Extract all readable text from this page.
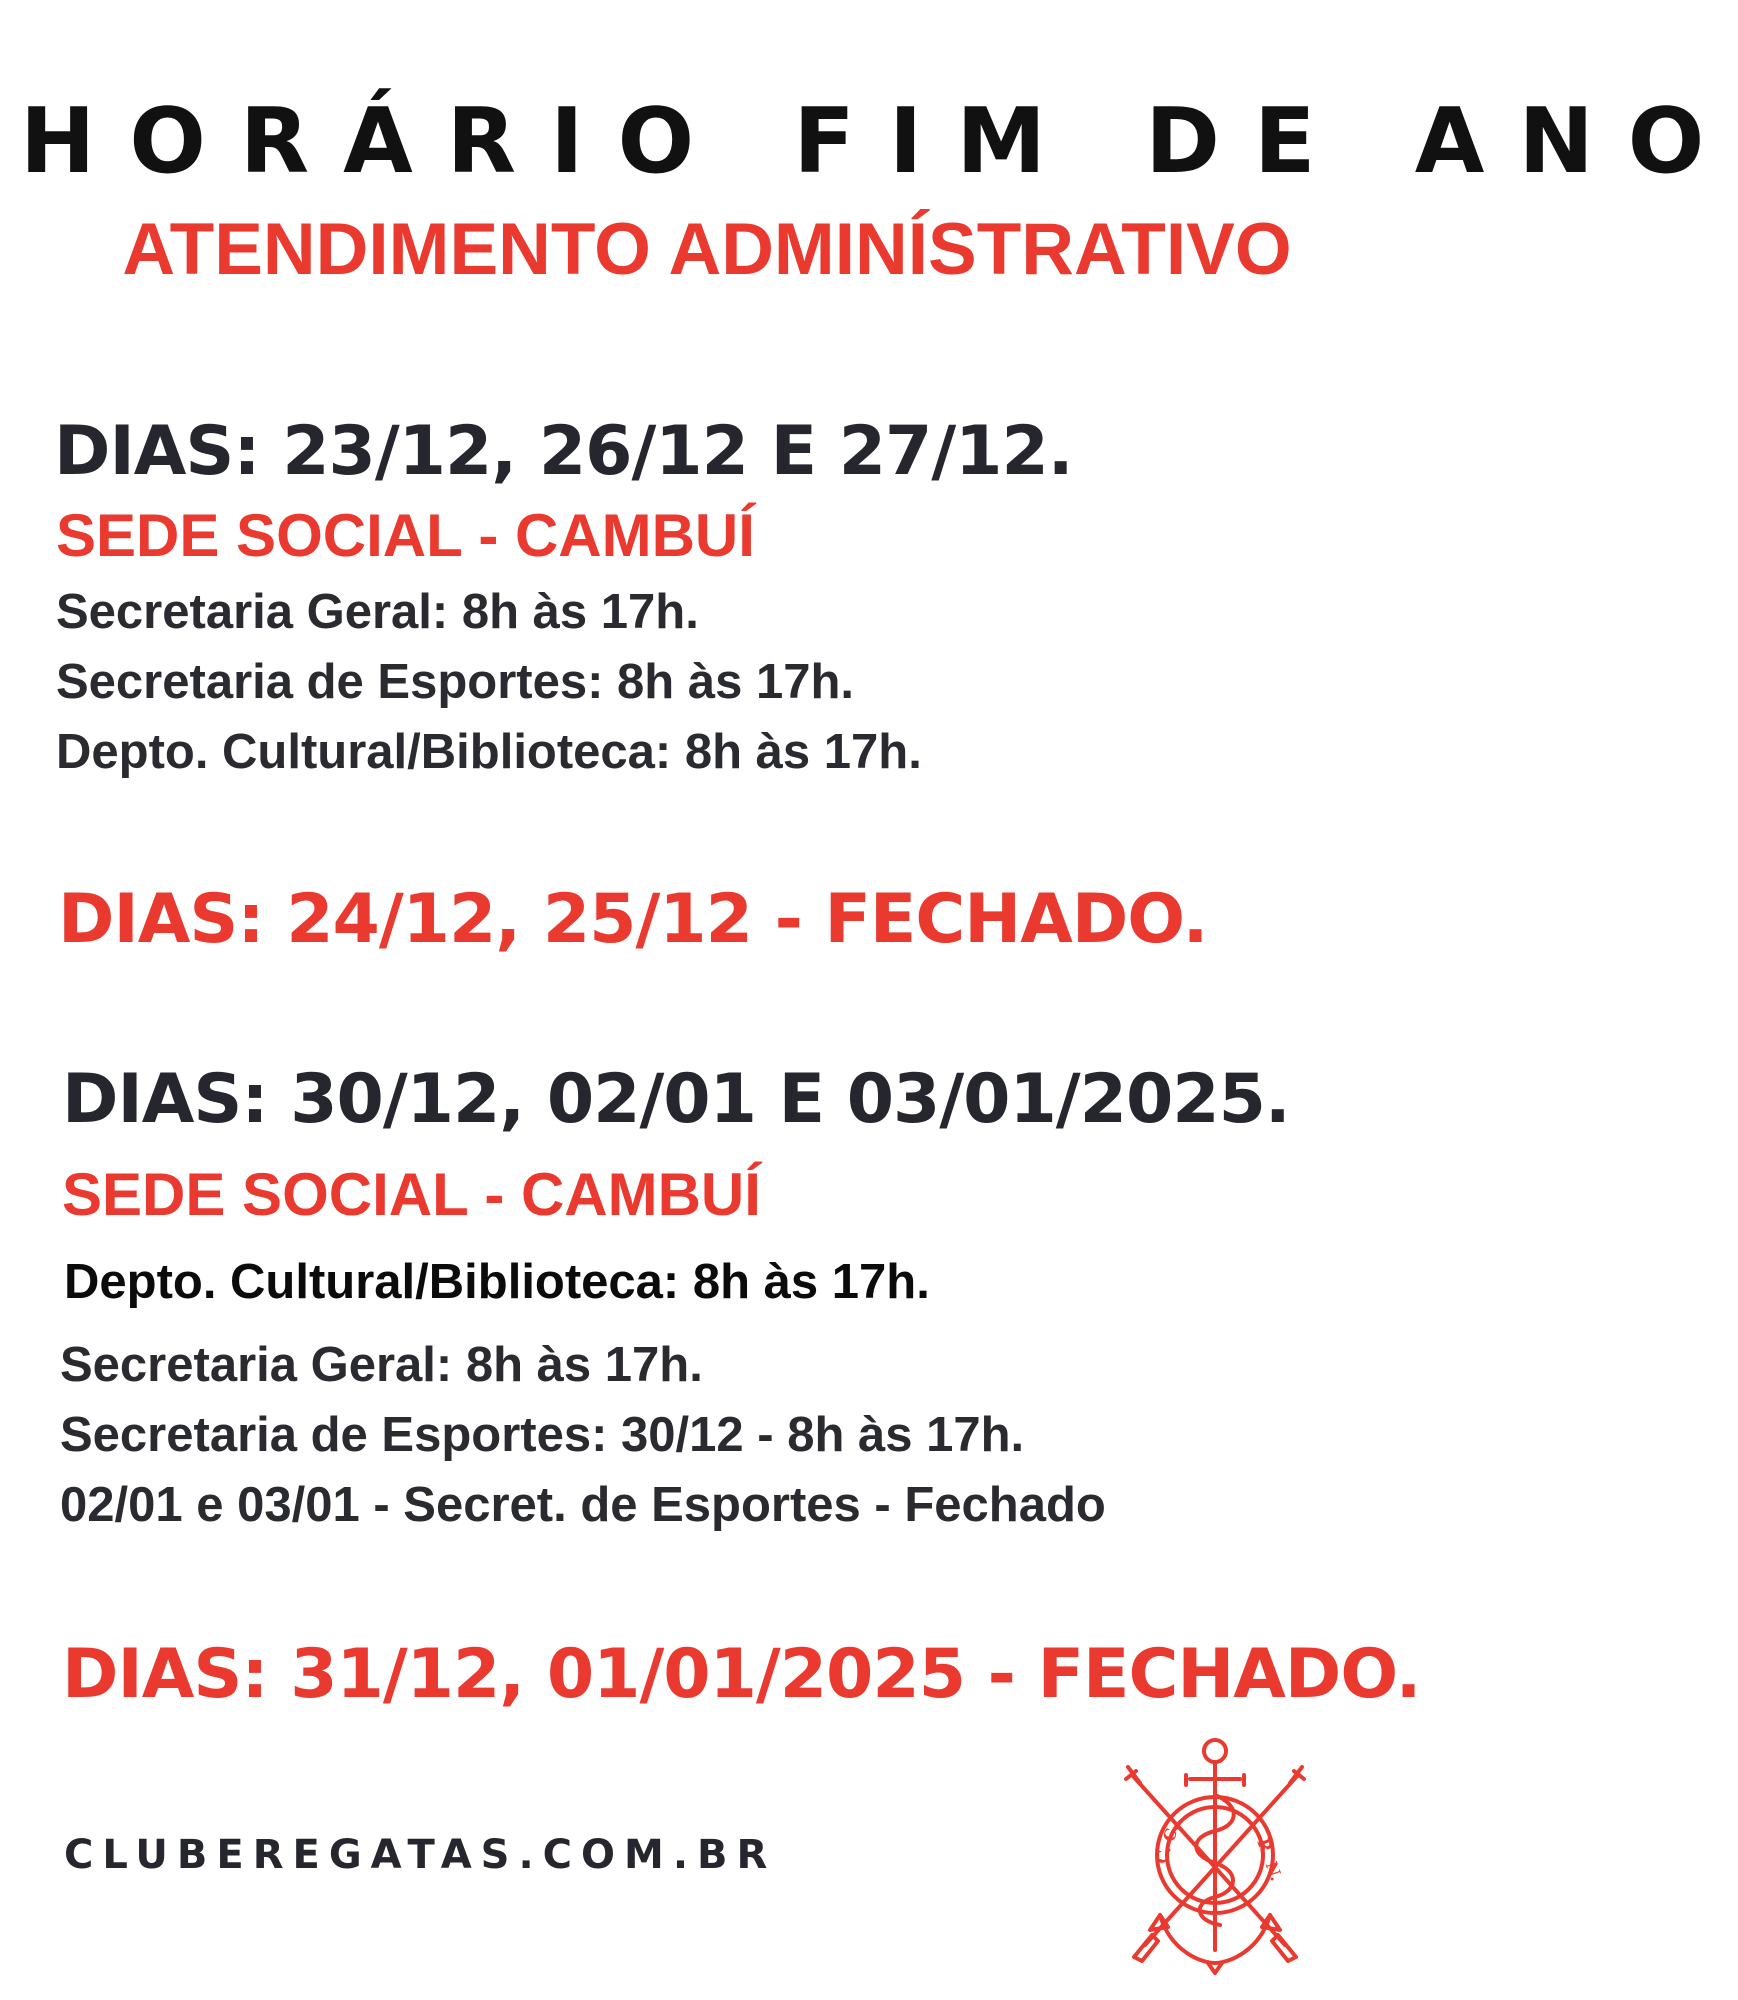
HORÁRIO FIM DE ANO
ATENDIMENTO ADMINÍSTRATIVO
DIAS: 23/12, 26/12 E 27/12.
SEDE SOCIAL - CAMBUÍ
Secretaria Geral: 8h às 17h.
Secretaria de Esportes: 8h às 17h.
Depto. Cultural/Biblioteca: 8h às 17h.
DIAS: 24/12, 25/12 - FECHADO.
DIAS: 30/12, 02/01 E 03/01/2025.
SEDE SOCIAL - CAMBUÍ
Depto. Cultural/Biblioteca: 8h às 17h.
Secretaria Geral: 8h às 17h.
Secretaria de Esportes: 30/12 - 8h às 17h.
02/01 e 03/01 - Secret. de Esportes - Fechado
DIAS: 31/12, 01/01/2025 - FECHADO.
CLUBEREGATAS.COM.BR	C. C.	R. N.
